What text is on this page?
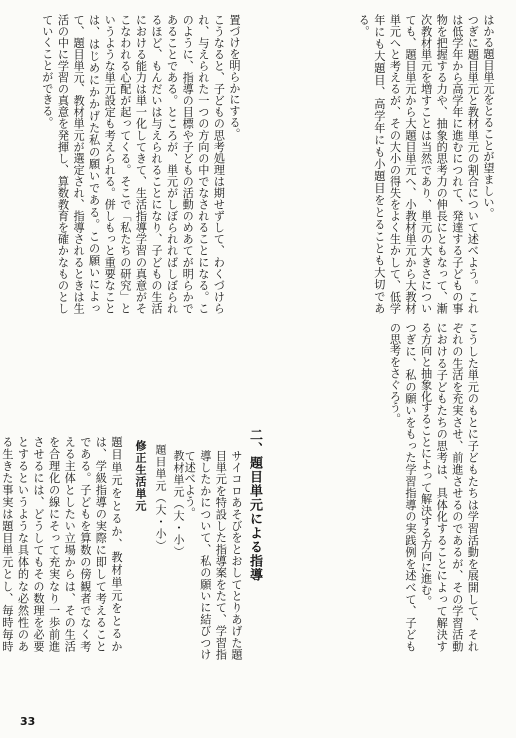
はかる題目単元をとることが望ましい。
つぎに題目単元と教材単元の割合について述べよう。これは低学年から高学年に進むにつれて、発達する子どもの事物を把握する力や、抽象的思考力の伸長にともなって、漸次教材単元を増すことは当然であり、単元の大きさについても、題目単元から大題目単元へ、小教材単元から大教材単元へと考えるが、その大小の得失をよく生かして、低学年にも大題目、高学年にも小題目をとることも大切である。

こうした単元のもとに子どもたちは学習活動を展開して、それぞれの生活を充実させ、前進させるのであるが、その学習活動における子どもたちの思考は、具体化することによって解決する方向と抽象化することによって解決する方向に進む。
つぎに、私の願いをもった学習指導の実践例を述べて、子どもの思考をさぐろう。

二、題目単元による指導
サイコロあそびをとおしてとりあげた題目単元を特設した指導案をたて、学習指導したかについて、私の願いに結びつけて述べよう。
置づけを明らかにする。
こうなると、子どもの思考処理は期せずして、わくづけられ、与えられた一つの方向の中でなされることになる。このように、指導の目標や子どもの活動のめあてが明らかであることである。ところが、単元がしぼられればしぼられるほど、もんだいは与えられることになり、子どもの生活における能力は単一化してきて、生活指導学習の真意がそこなわれる心配が起ってくる。そこで「私たちの研究」というような単元設定も考えられる。併しもっと重要なことは、はじめにかかげた私の願いである。この願いによって、題目単元、教材単元が選定され、指導されるときは生活の中に学習の真意を発揮し、算数教育を確かなものとしていくことができる。
修正生活単元 題目単元（大・小） 教材単元（大・小）
題目単元をとるか、教材単元をとるかは、学級指導の実際に即して考えることである。子どもを算数の傍観者でなく考える主体としたい立場からは、その生活を合理化の線にそって充実なり一歩前進させるには、どうしてもその数理を必要とするというような具体的な必然性のある生きた事実は題目単元とし、毎時毎時

33
